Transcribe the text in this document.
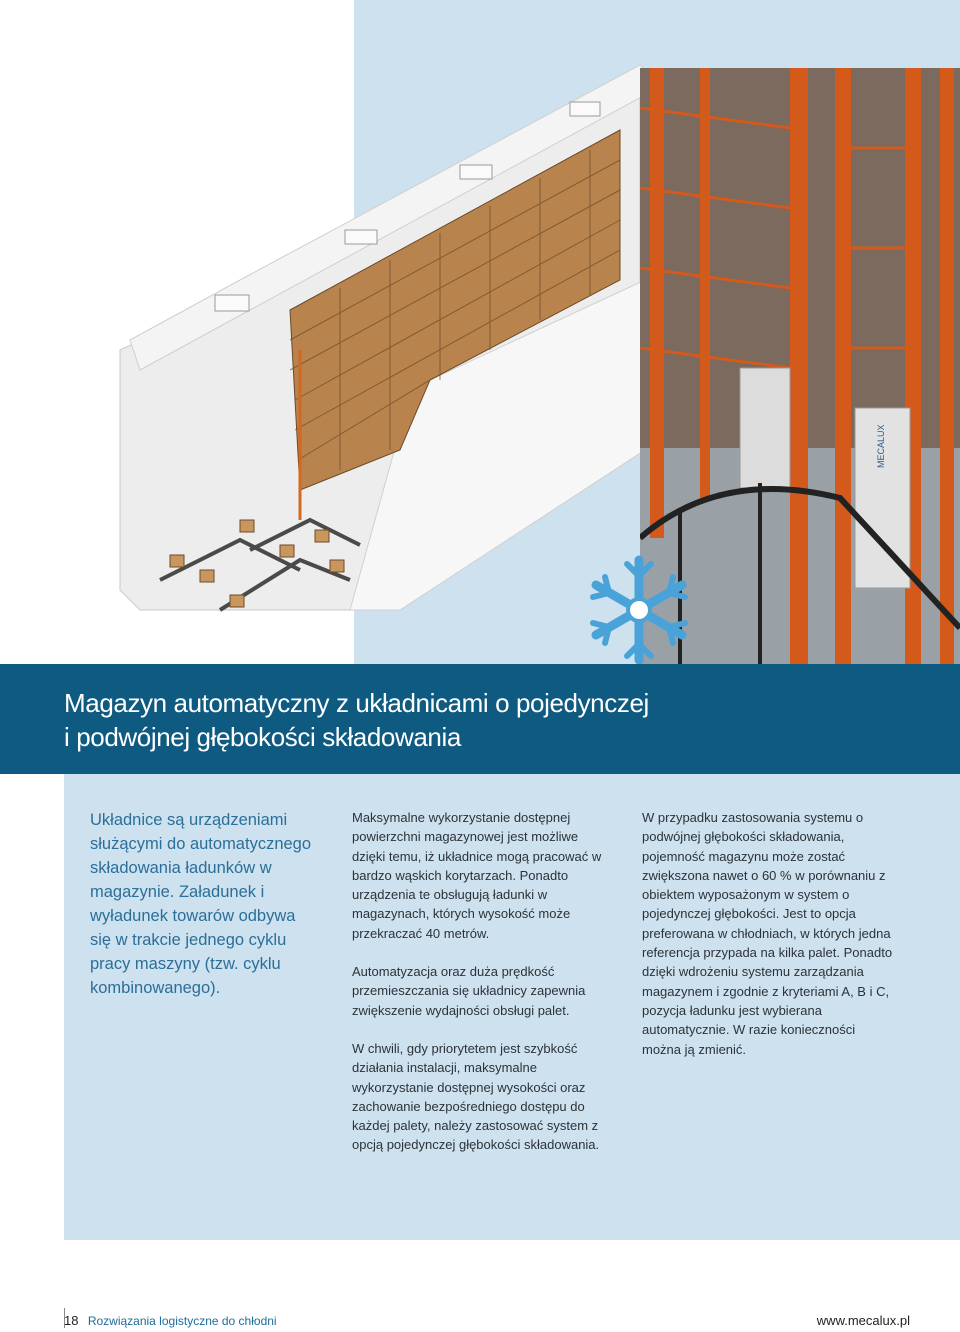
MECALUX
Magazyn automatyczny z układnicami o pojedynczej
i podwójnej głębokości składowania
Układnice są urządzeniami służącymi do automatycznego składowania ładunków w magazynie. Załadunek i wyładunek towarów odbywa się w trakcie jednego cyklu pracy maszyny (tzw. cyklu kombinowanego).

Maksymalne wykorzystanie dostępnej powierzchni magazynowej jest możliwe dzięki temu, iż układnice mogą pracować w bardzo wąskich korytarzach. Ponadto urządzenia te obsługują ładunki w magazynach, których wysokość może przekraczać 40 metrów.

Automatyzacja oraz duża prędkość przemieszczania się układnicy zapewnia zwiększenie wydajności obsługi palet.

W chwili, gdy priorytetem jest szybkość działania instalacji, maksymalne wykorzystanie dostępnej wysokości oraz zachowanie bezpośredniego dostępu do każdej palety, należy zastosować system z opcją pojedynczej głębokości składowania.

W przypadku zastosowania systemu o podwójnej głębokości składowania, pojemność magazynu może zostać zwiększona nawet o 60 % w porównaniu z obiektem wyposażonym w system o pojedynczej głębokości. Jest to opcja preferowana w chłodniach, w których jedna referencja przypada na kilka palet. Ponadto dzięki wdrożeniu systemu zarządzania magazynem i zgodnie z kryteriami A, B i C, pozycja ładunku jest wybierana automatycznie. W razie konieczności można ją zmienić.

18 Rozwiązania logistyczne do chłodni	www.mecalux.pl
